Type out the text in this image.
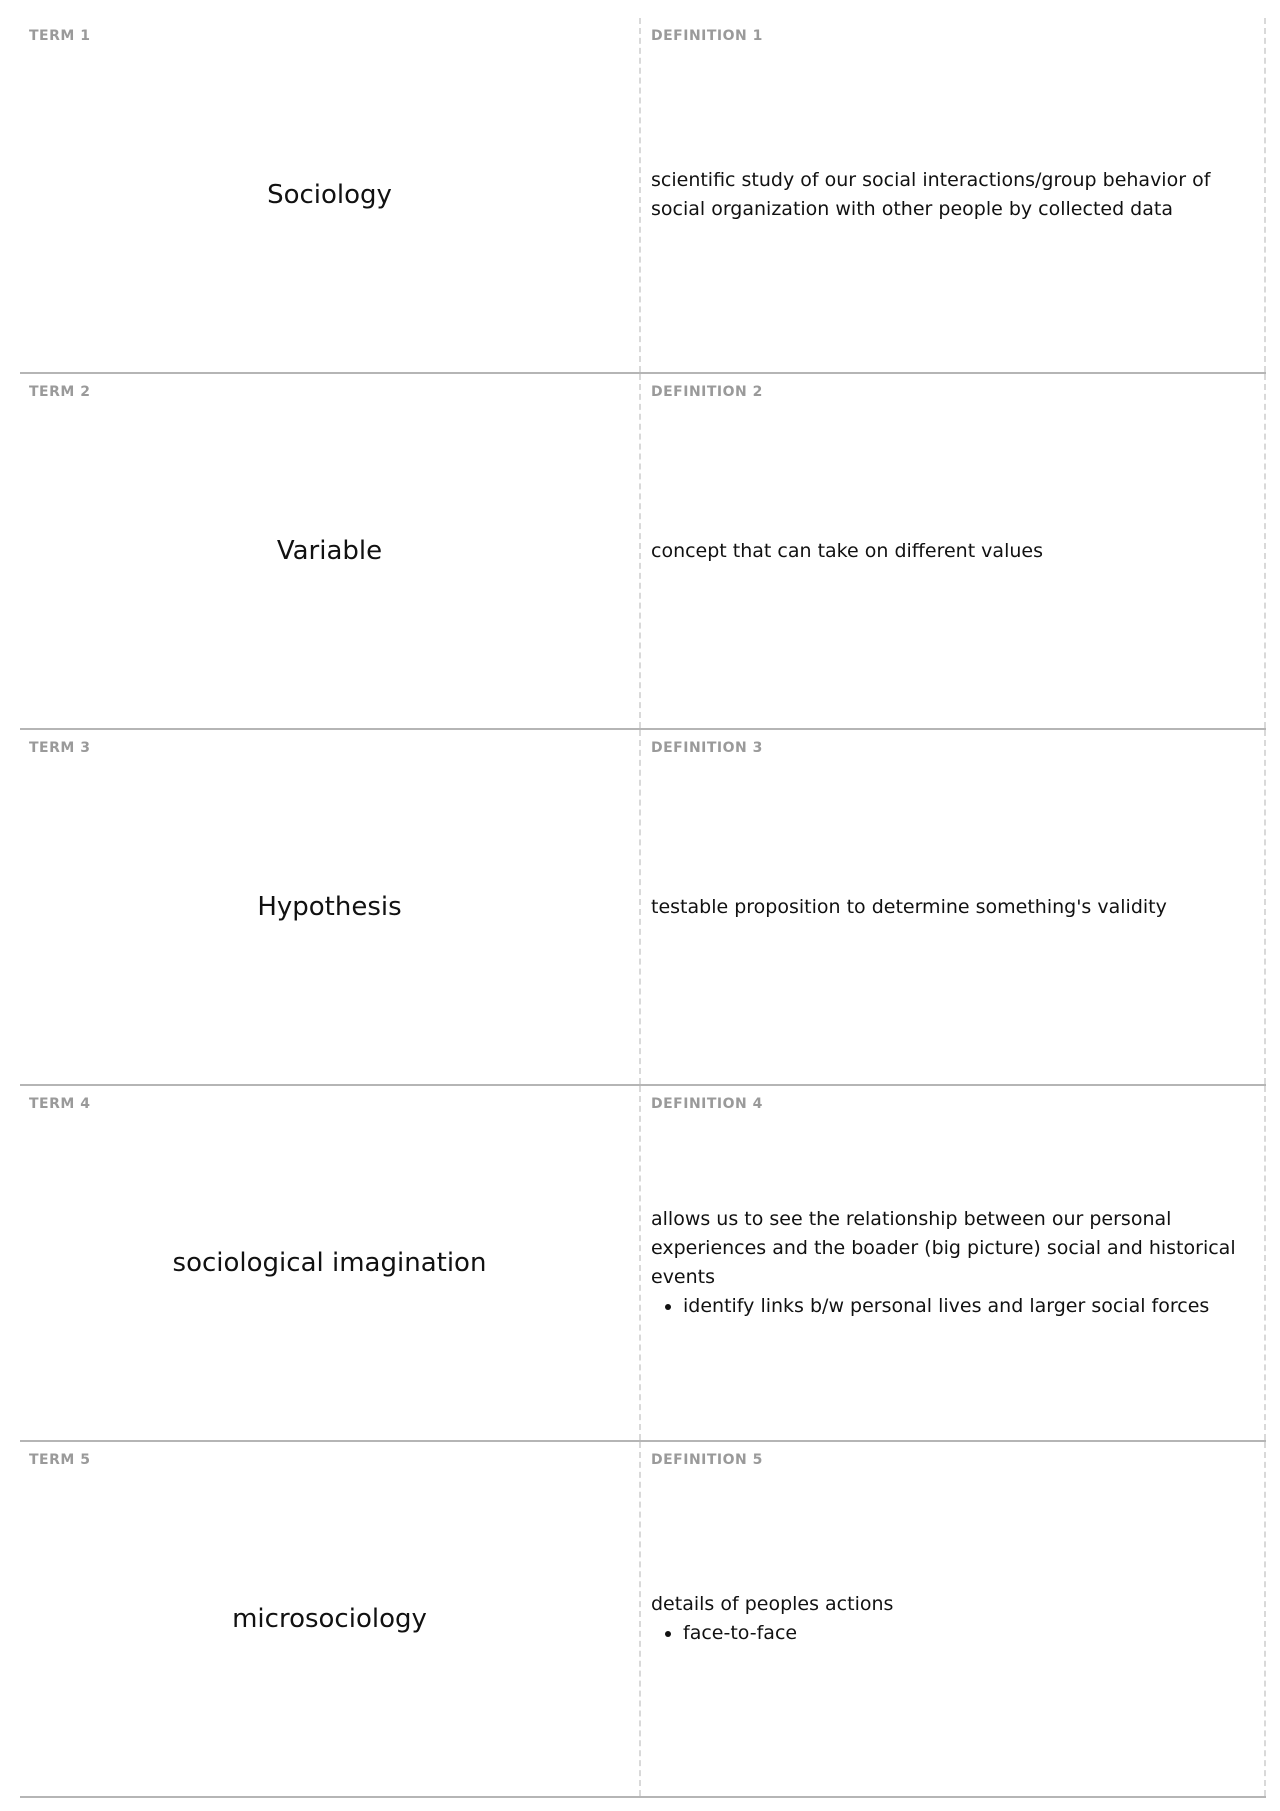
TERM 1
Sociology
DEFINITION 1

scientific study of our social interactions/group behavior of social organization with other people by collected data

TERM 2
Variable
DEFINITION 2

concept that can take on different values

TERM 3
Hypothesis
DEFINITION 3

testable proposition to determine something's validity

TERM 4
sociological imagination
DEFINITION 4

allows us to see the relationship between our personal experiences and the boader (big picture) social and historical events

• identify links b/w personal lives and larger social forces
TERM 5
microsociology
DEFINITION 5

details of peoples actions

• face-to-face
